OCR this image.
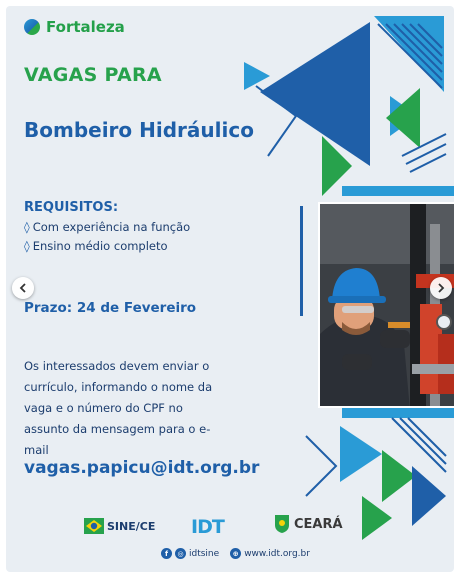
Fortaleza
VAGAS PARA
Bombeiro Hidráulico
REQUISITOS:
◊ Com experiência na função
◊ Ensino médio completo
Prazo: 24 de Fevereiro
Os interessados devem enviar o currículo, informando o nome da vaga e o número do CPF no assunto da mensagem para o e-mail
vagas.papicu@idt.org.br
SINE/CE IDT	CEARÁ
f	◎ idtsine	⊕ www.idt.org.br
